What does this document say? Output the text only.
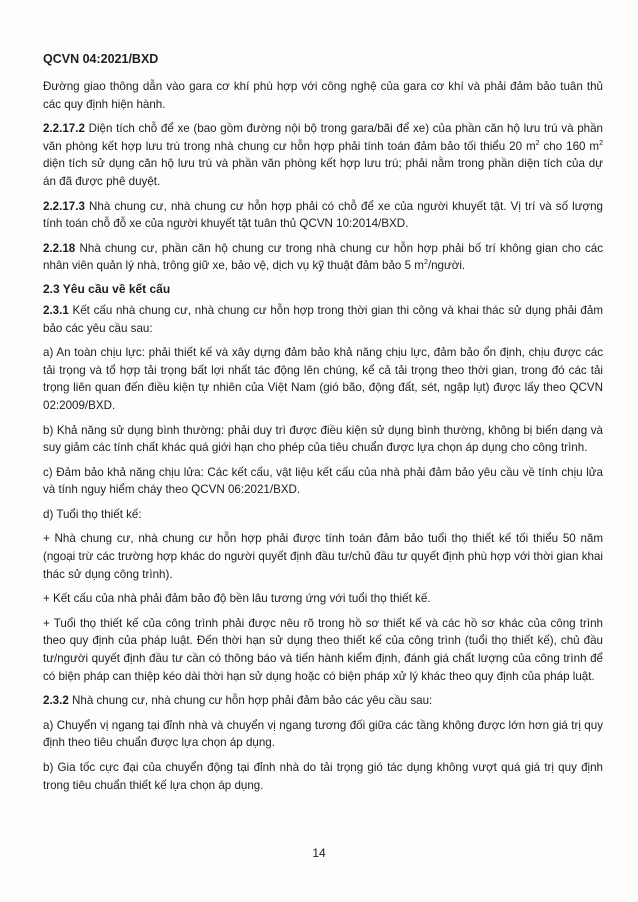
QCVN 04:2021/BXD

Đường giao thông dẫn vào gara cơ khí phù hợp với công nghệ của gara cơ khí và phải đảm bảo tuân thủ các quy định hiện hành.

2.2.17.2 Diện tích chỗ để xe (bao gồm đường nội bộ trong gara/bãi để xe) của phần căn hộ lưu trú và phần văn phòng kết hợp lưu trú trong nhà chung cư hỗn hợp phải tính toán đảm bảo tối thiểu 20 $m^2$ cho 160 $m^2$ diện tích sử dụng căn hộ lưu trú và phần văn phòng kết hợp lưu trú; phải nằm trong phần diện tích của dự án đã được phê duyệt.

2.2.17.3 Nhà chung cư, nhà chung cư hỗn hợp phải có chỗ để xe của người khuyết tật. Vị trí và số lượng tính toán chỗ đỗ xe của người khuyết tật tuân thủ QCVN 10:2014/BXD.

2.2.18 Nhà chung cư, phần căn hộ chung cư trong nhà chung cư hỗn hợp phải bố trí không gian cho các nhân viên quản lý nhà, trông giữ xe, bảo vệ, dịch vụ kỹ thuật đảm bảo 5 $m^2$/người.

2.3 Yêu cầu về kết cấu

2.3.1 Kết cấu nhà chung cư, nhà chung cư hỗn hợp trong thời gian thi công và khai thác sử dụng phải đảm bảo các yêu cầu sau:

a) An toàn chịu lực: phải thiết kế và xây dựng đảm bảo khả năng chịu lực, đảm bảo ổn định, chịu được các tải trọng và tổ hợp tải trọng bất lợi nhất tác động lên chúng, kể cả tải trọng theo thời gian, trong đó các tải trọng liên quan đến điều kiện tự nhiên của Việt Nam (gió bão, động đất, sét, ngập lụt) được lấy theo QCVN 02:2009/BXD.

b) Khả năng sử dụng bình thường: phải duy trì được điều kiện sử dụng bình thường, không bị biến dạng và suy giảm các tính chất khác quá giới hạn cho phép của tiêu chuẩn được lựa chọn áp dụng cho công trình.

c) Đảm bảo khả năng chịu lửa: Các kết cấu, vật liệu kết cấu của nhà phải đảm bảo yêu cầu về tính chịu lửa và tính nguy hiểm cháy theo QCVN 06:2021/BXD.

d) Tuổi thọ thiết kế:

+ Nhà chung cư, nhà chung cư hỗn hợp phải được tính toán đảm bảo tuổi thọ thiết kế tối thiểu 50 năm (ngoại trừ các trường hợp khác do người quyết định đầu tư/chủ đầu tư quyết định phù hợp với thời gian khai thác sử dụng công trình).

+ Kết cấu của nhà phải đảm bảo độ bền lâu tương ứng với tuổi thọ thiết kế.

+ Tuổi thọ thiết kế của công trình phải được nêu rõ trong hồ sơ thiết kế và các hồ sơ khác của công trình theo quy định của pháp luật. Đến thời hạn sử dụng theo thiết kế của công trình (tuổi thọ thiết kế), chủ đầu tư/người quyết định đầu tư cần có thông báo và tiến hành kiểm định, đánh giá chất lượng của công trình để có biện pháp can thiệp kéo dài thời hạn sử dụng hoặc có biện pháp xử lý khác theo quy định của pháp luật.

2.3.2 Nhà chung cư, nhà chung cư hỗn hợp phải đảm bảo các yêu cầu sau:

a) Chuyển vị ngang tại đỉnh nhà và chuyển vị ngang tương đối giữa các tầng không được lớn hơn giá trị quy định theo tiêu chuẩn được lựa chọn áp dụng.

b) Gia tốc cực đại của chuyển động tại đỉnh nhà do tải trọng gió tác dụng không vượt quá giá trị quy định trong tiêu chuẩn thiết kế lựa chọn áp dụng.

14
